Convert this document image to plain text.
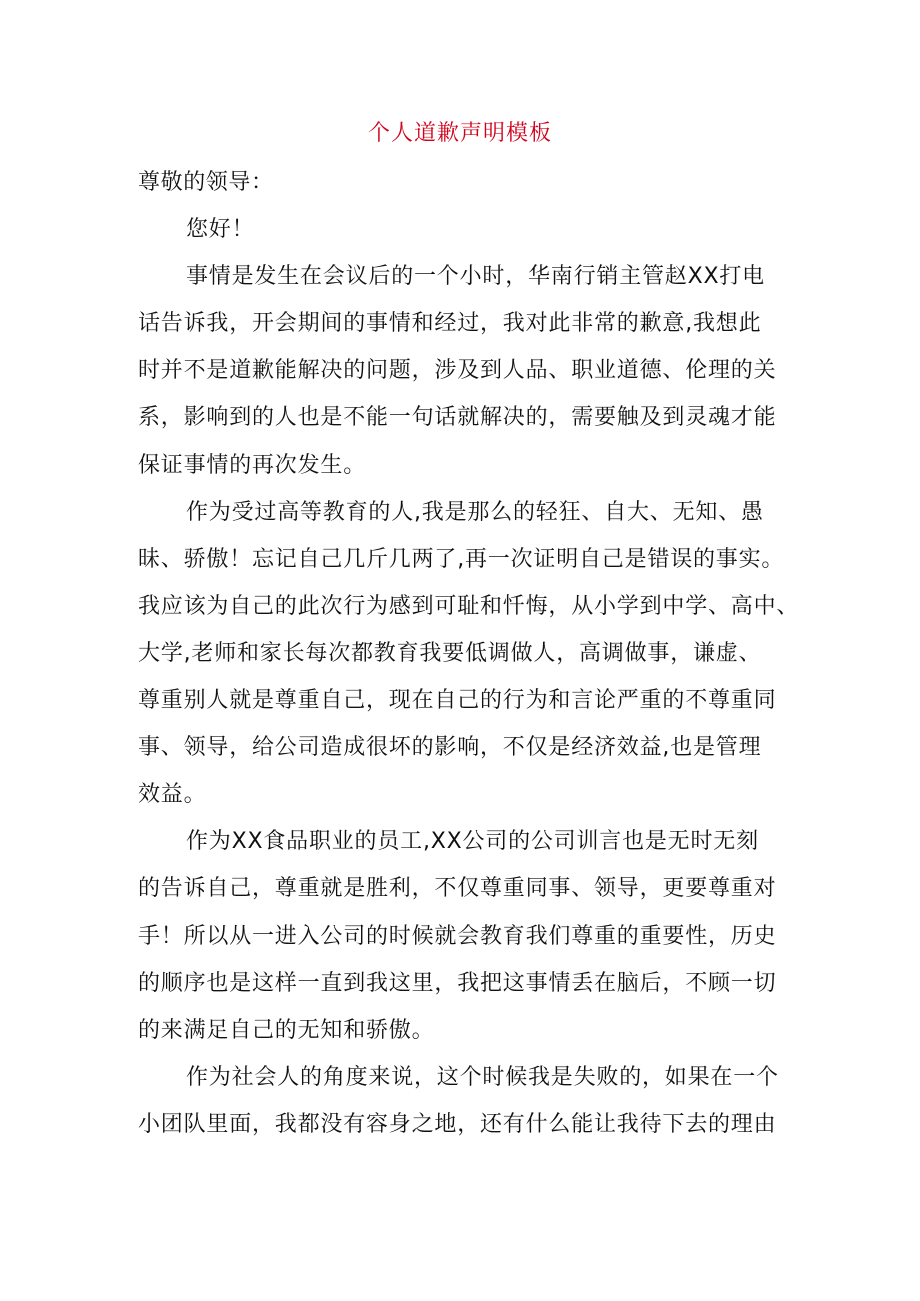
个人道歉声明模板
尊敬的领导：
您好！
事情是发生在会议后的一个小时，华南行销主管赵XX打电
话告诉我，开会期间的事情和经过，我对此非常的歉意,我想此
时并不是道歉能解决的问题，涉及到人品、职业道德、伦理的关
系，影响到的人也是不能一句话就解决的，需要触及到灵魂才能
保证事情的再次发生。
作为受过高等教育的人,我是那么的轻狂、自大、无知、愚
昧、骄傲！忘记自己几斤几两了,再一次证明自己是错误的事实。
我应该为自己的此次行为感到可耻和忏悔，从小学到中学、高中、
大学,老师和家长每次都教育我要低调做人，高调做事，谦虚、
尊重别人就是尊重自己，现在自己的行为和言论严重的不尊重同
事、领导，给公司造成很坏的影响，不仅是经济效益,也是管理
效益。
作为XX食品职业的员工,XX公司的公司训言也是无时无刻
的告诉自己，尊重就是胜利，不仅尊重同事、领导，更要尊重对
手！所以从一进入公司的时候就会教育我们尊重的重要性，历史
的顺序也是这样一直到我这里，我把这事情丢在脑后，不顾一切
的来满足自己的无知和骄傲。
作为社会人的角度来说，这个时候我是失败的，如果在一个
小团队里面，我都没有容身之地，还有什么能让我待下去的理由
